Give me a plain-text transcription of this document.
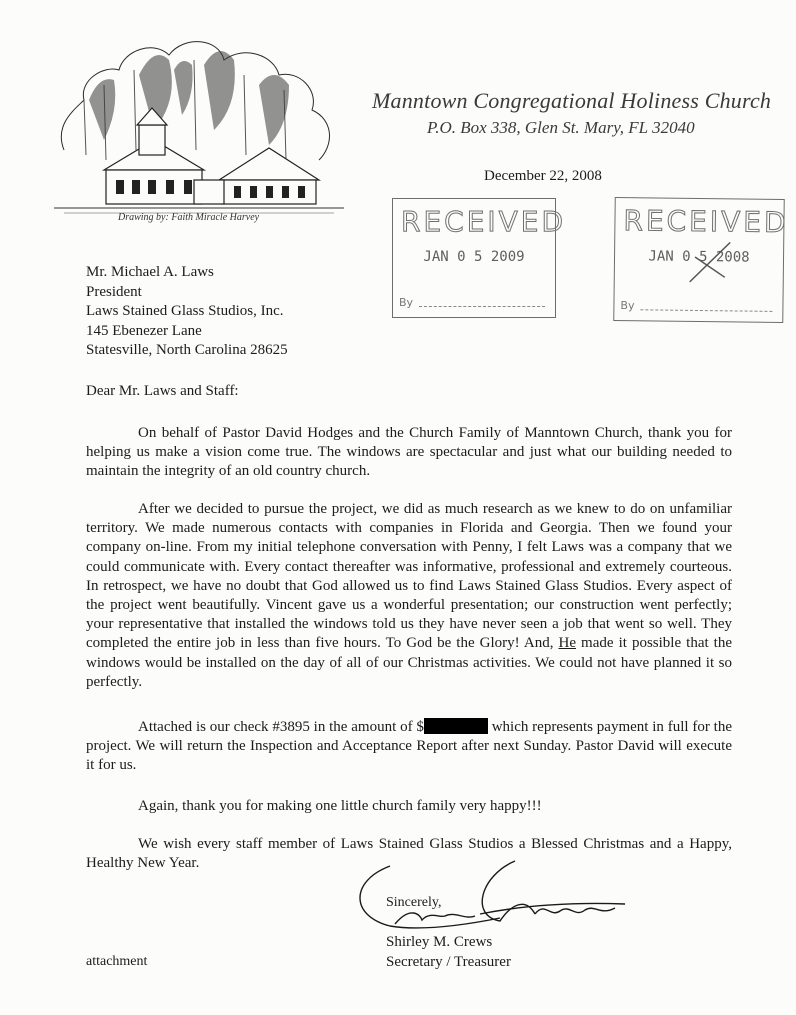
Drawing by: Faith Miracle Harvey
Manntown Congregational Holiness Church
P.O. Box 338, Glen St. Mary, FL 32040
December 22, 2008
RECEIVED
JAN 0 5 2009
By
RECEIVED
JAN 0 5 2008
By
Mr. Michael A. Laws
President
Laws Stained Glass Studios, Inc.
145 Ebenezer Lane
Statesville, North Carolina 28625
Dear Mr. Laws and Staff:
On behalf of Pastor David Hodges and the Church Family of Manntown Church, thank you for helping us make a vision come true. The windows are spectacular and just what our building needed to maintain the integrity of an old country church.
After we decided to pursue the project, we did as much research as we knew to do on unfamiliar territory. We made numerous contacts with companies in Florida and Georgia. Then we found your company on-line. From my initial telephone conversation with Penny, I felt Laws was a company that we could communicate with. Every contact thereafter was informative, professional and extremely courteous. In retrospect, we have no doubt that God allowed us to find Laws Stained Glass Studios. Every aspect of the project went beautifully. Vincent gave us a wonderful presentation; our construction went perfectly; your representative that installed the windows told us they have never seen a job that went so well. They completed the entire job in less than five hours. To God be the Glory! And, He made it possible that the windows would be installed on the day of all of our Christmas activities. We could not have planned it so perfectly.
Attached is our check #3895 in the amount of $	which represents payment in full for the project. We will return the Inspection and Acceptance Report after next Sunday. Pastor David will execute it for us.
Again, thank you for making one little church family very happy!!!
We wish every staff member of Laws Stained Glass Studios a Blessed Christmas and a Happy, Healthy New Year.
Sincerely,
Shirley M. Crews
Secretary / Treasurer
attachment
